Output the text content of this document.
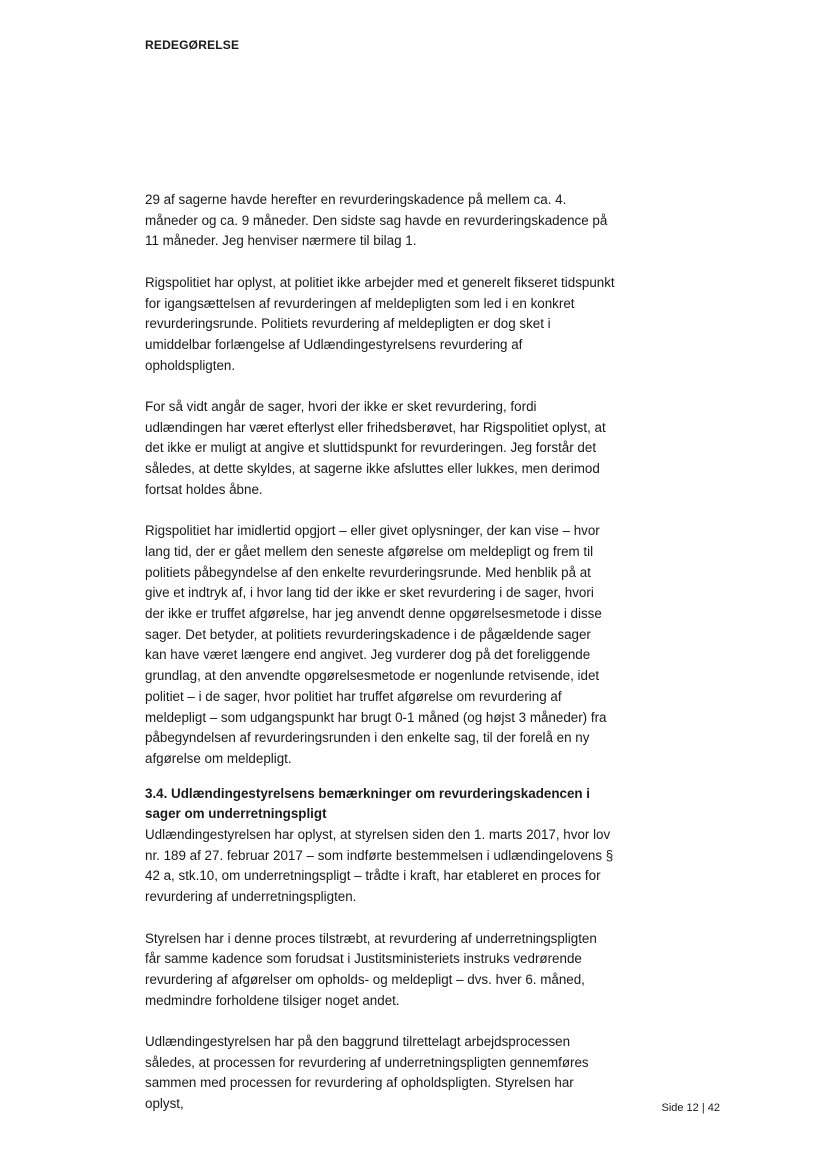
REDEGØRELSE

29 af sagerne havde herefter en revurderingskadence på mellem ca. 4. måneder og ca. 9 måneder. Den sidste sag havde en revurderingskadence på 11 måneder. Jeg henviser nærmere til bilag 1.

Rigspolitiet har oplyst, at politiet ikke arbejder med et generelt fikseret tidspunkt for igangsættelsen af revurderingen af meldepligten som led i en konkret revurderingsrunde. Politiets revurdering af meldepligten er dog sket i umiddelbar forlængelse af Udlændingestyrelsens revurdering af opholdspligten.

For så vidt angår de sager, hvori der ikke er sket revurdering, fordi udlændingen har været efterlyst eller frihedsberøvet, har Rigspolitiet oplyst, at det ikke er muligt at angive et sluttidspunkt for revurderingen. Jeg forstår det således, at dette skyldes, at sagerne ikke afsluttes eller lukkes, men derimod fortsat holdes åbne.

Rigspolitiet har imidlertid opgjort – eller givet oplysninger, der kan vise – hvor lang tid, der er gået mellem den seneste afgørelse om meldepligt og frem til politiets påbegyndelse af den enkelte revurderingsrunde. Med henblik på at give et indtryk af, i hvor lang tid der ikke er sket revurdering i de sager, hvori der ikke er truffet afgørelse, har jeg anvendt denne opgørelsesmetode i disse sager. Det betyder, at politiets revurderingskadence i de pågældende sager kan have været længere end angivet. Jeg vurderer dog på det foreliggende grundlag, at den anvendte opgørelsesmetode er nogenlunde retvisende, idet politiet – i de sager, hvor politiet har truffet afgørelse om revurdering af meldepligt – som udgangspunkt har brugt 0-1 måned (og højst 3 måneder) fra påbegyndelsen af revurderingsrunden i den enkelte sag, til der forelå en ny afgørelse om meldepligt.

3.4. Udlændingestyrelsens bemærkninger om revurderingskadencen i sager om underretningspligt

Udlændingestyrelsen har oplyst, at styrelsen siden den 1. marts 2017, hvor lov nr. 189 af 27. februar 2017 – som indførte bestemmelsen i udlændingelovens § 42 a, stk.10, om underretningspligt – trådte i kraft, har etableret en proces for revurdering af underretningspligten.

Styrelsen har i denne proces tilstræbt, at revurdering af underretningspligten får samme kadence som forudsat i Justitsministeriets instruks vedrørende revurdering af afgørelser om opholds- og meldepligt – dvs. hver 6. måned, medmindre forholdene tilsiger noget andet.

Udlændingestyrelsen har på den baggrund tilrettelagt arbejdsprocessen således, at processen for revurdering af underretningspligten gennemføres sammen med processen for revurdering af opholdspligten. Styrelsen har oplyst,	Side 12 | 42
